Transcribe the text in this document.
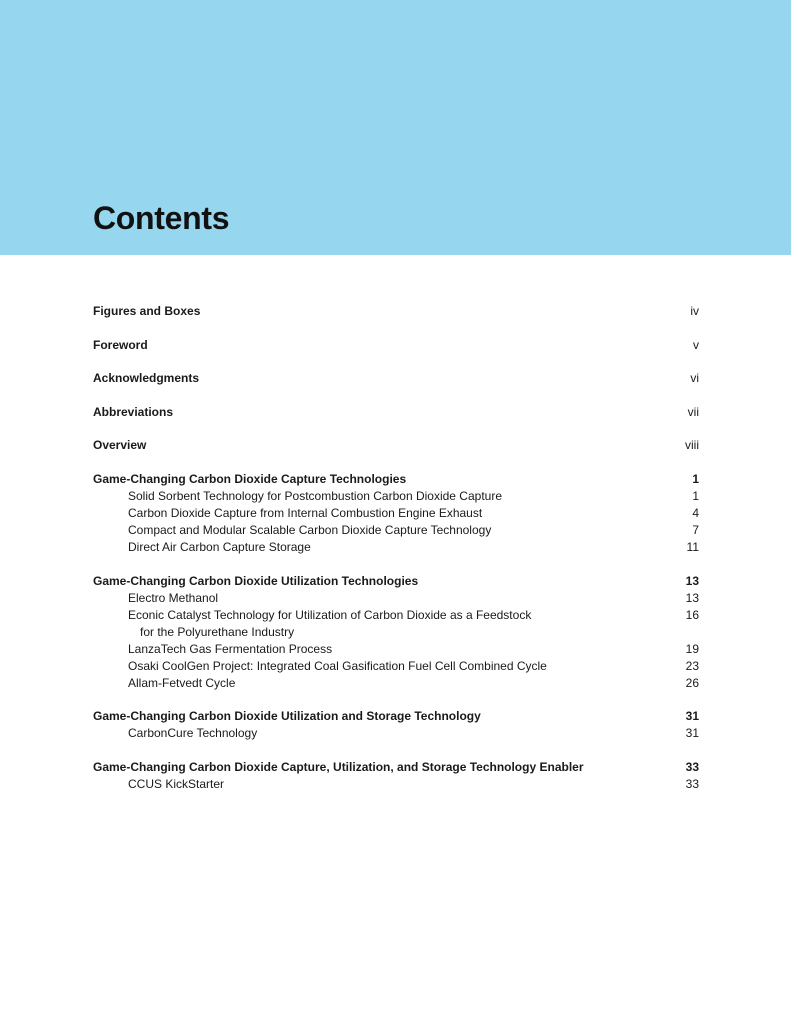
Contents
Figures and Boxes	iv
Foreword	v
Acknowledgments	vi
Abbreviations	vii
Overview	viii
Game-Changing Carbon Dioxide Capture Technologies	1
Solid Sorbent Technology for Postcombustion Carbon Dioxide Capture	1
Carbon Dioxide Capture from Internal Combustion Engine Exhaust	4
Compact and Modular Scalable Carbon Dioxide Capture Technology	7
Direct Air Carbon Capture Storage	11
Game-Changing Carbon Dioxide Utilization Technologies	13
Electro Methanol	13
Econic Catalyst Technology for Utilization of Carbon Dioxide as a Feedstock	16
for the Polyurethane Industry
LanzaTech Gas Fermentation Process	19
Osaki CoolGen Project: Integrated Coal Gasification Fuel Cell Combined Cycle	23
Allam-Fetvedt Cycle	26
Game-Changing Carbon Dioxide Utilization and Storage Technology	31
CarbonCure Technology	31
Game-Changing Carbon Dioxide Capture, Utilization, and Storage Technology Enabler	33
CCUS KickStarter	33
